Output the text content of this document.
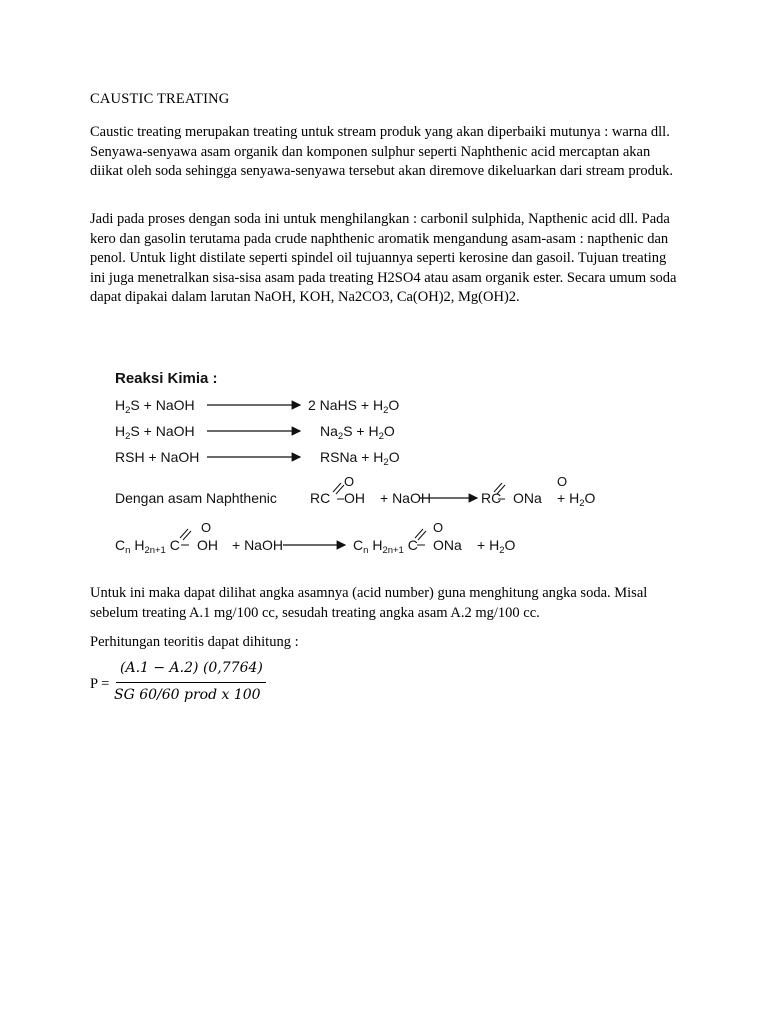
CAUSTIC TREATING
Caustic treating merupakan treating untuk stream produk yang akan diperbaiki mutunya : warna dll. Senyawa-senyawa asam organik dan komponen sulphur seperti Naphthenic acid mercaptan akan diikat oleh soda sehingga senyawa-senyawa tersebut akan diremove dikeluarkan dari stream produk.
Jadi pada proses dengan soda ini untuk menghilangkan : carbonil sulphida, Napthenic acid dll. Pada kero dan gasolin terutama pada crude naphthenic aromatik mengandung asam-asam : napthenic dan penol. Untuk light distilate seperti spindel oil tujuannya seperti kerosine dan gasoil. Tujuan treating ini juga menetralkan sisa-sisa asam pada treating H2SO4 atau asam organik ester. Secara umum soda dapat dipakai dalam larutan NaOH, KOH, Na2CO3, Ca(OH)2, Mg(OH)2.
Untuk ini maka dapat dilihat angka asamnya (acid number) guna menghitung angka soda. Misal sebelum treating A.1 mg/100 cc, sesudah treating angka asam A.2 mg/100 cc.
Perhitungan teoritis dapat dihitung :
Reaksi Kimia :
$H_2S$ + NaOH	2 NaHS + $H_2O$
$H_2S$ + NaOH	$Na_2S + H_2O$
RSH + NaOH	RSNa + $H_2O$
Dengan asam Naphthenic
O
RC OH + NaOH
O
RC ONa + $H_2O$
$C_n$ $H_{2n+1}$ C
O
OH + NaOH	$C_n$ $H_{2n+1}$ C
O
ONa + $H_2O$
P =
(A.1 − A.2) (0,7764)
SG 60/60 prod x 100
